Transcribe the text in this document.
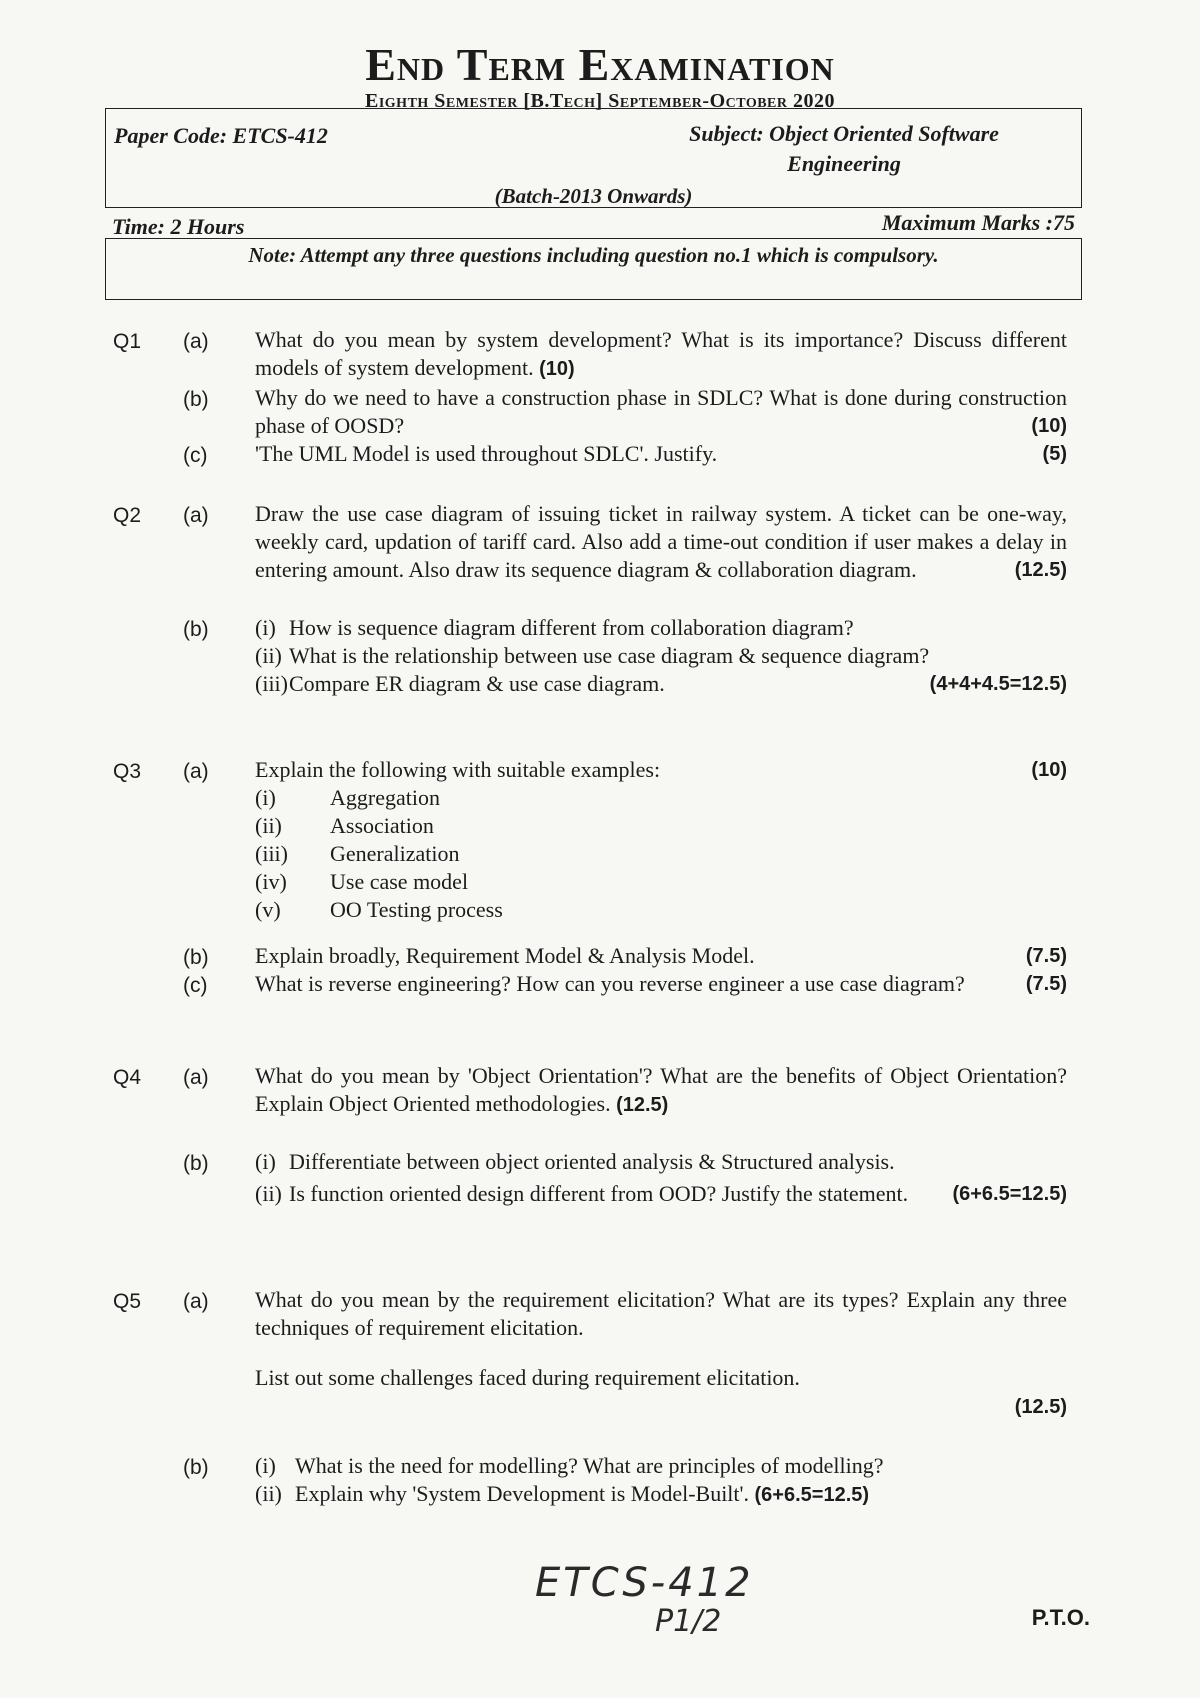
End Term Examination
Eighth Semester [B.Tech] September-October 2020
Paper Code: ETCS-412	Subject: Object Oriented Software
Engineering
(Batch-2013 Onwards)
Time: 2 Hours	Maximum Marks :75
Note: Attempt any three questions including question no.1 which is compulsory.
Q1 (a) What do you mean by system development? What is its importance? Discuss different models of system development. (10)
(b) Why do we need to have a construction phase in SDLC? What is done during construction phase of OOSD?	(10)
(c) 'The UML Model is used throughout SDLC'. Justify.	(5)
Q2 (a) Draw the use case diagram of issuing ticket in railway system. A ticket can be one-way, weekly card, updation of tariff card. Also add a time-out condition if user makes a delay in entering amount. Also draw its sequence diagram & collaboration diagram.	(12.5)
(b) (i) How is sequence diagram different from collaboration diagram?
(ii) What is the relationship between use case diagram & sequence diagram?
(iii) Compare ER diagram & use case diagram.	(4+4+4.5=12.5)
Q3 (a) Explain the following with suitable examples:	(10)
(i) Aggregation
(ii) Association
(iii) Generalization
(iv) Use case model
(v) OO Testing process
(b) Explain broadly, Requirement Model & Analysis Model.	(7.5)
(c) What is reverse engineering? How can you reverse engineer a use case diagram?	(7.5)
Q4 (a) What do you mean by 'Object Orientation'? What are the benefits of Object Orientation? Explain Object Oriented methodologies. (12.5)
(b) (i) Differentiate between object oriented analysis & Structured analysis.
(ii) Is function oriented design different from OOD? Justify the statement. (6+6.5=12.5)
Q5 (a) What do you mean by the requirement elicitation? What are its types? Explain any three techniques of requirement elicitation.
List out some challenges faced during requirement elicitation.
(12.5)
(b) (i) What is the need for modelling? What are principles of modelling?
(ii) Explain why 'System Development is Model-Built'. (6+6.5=12.5)
ETCS-412
P1/2	P.T.O.
